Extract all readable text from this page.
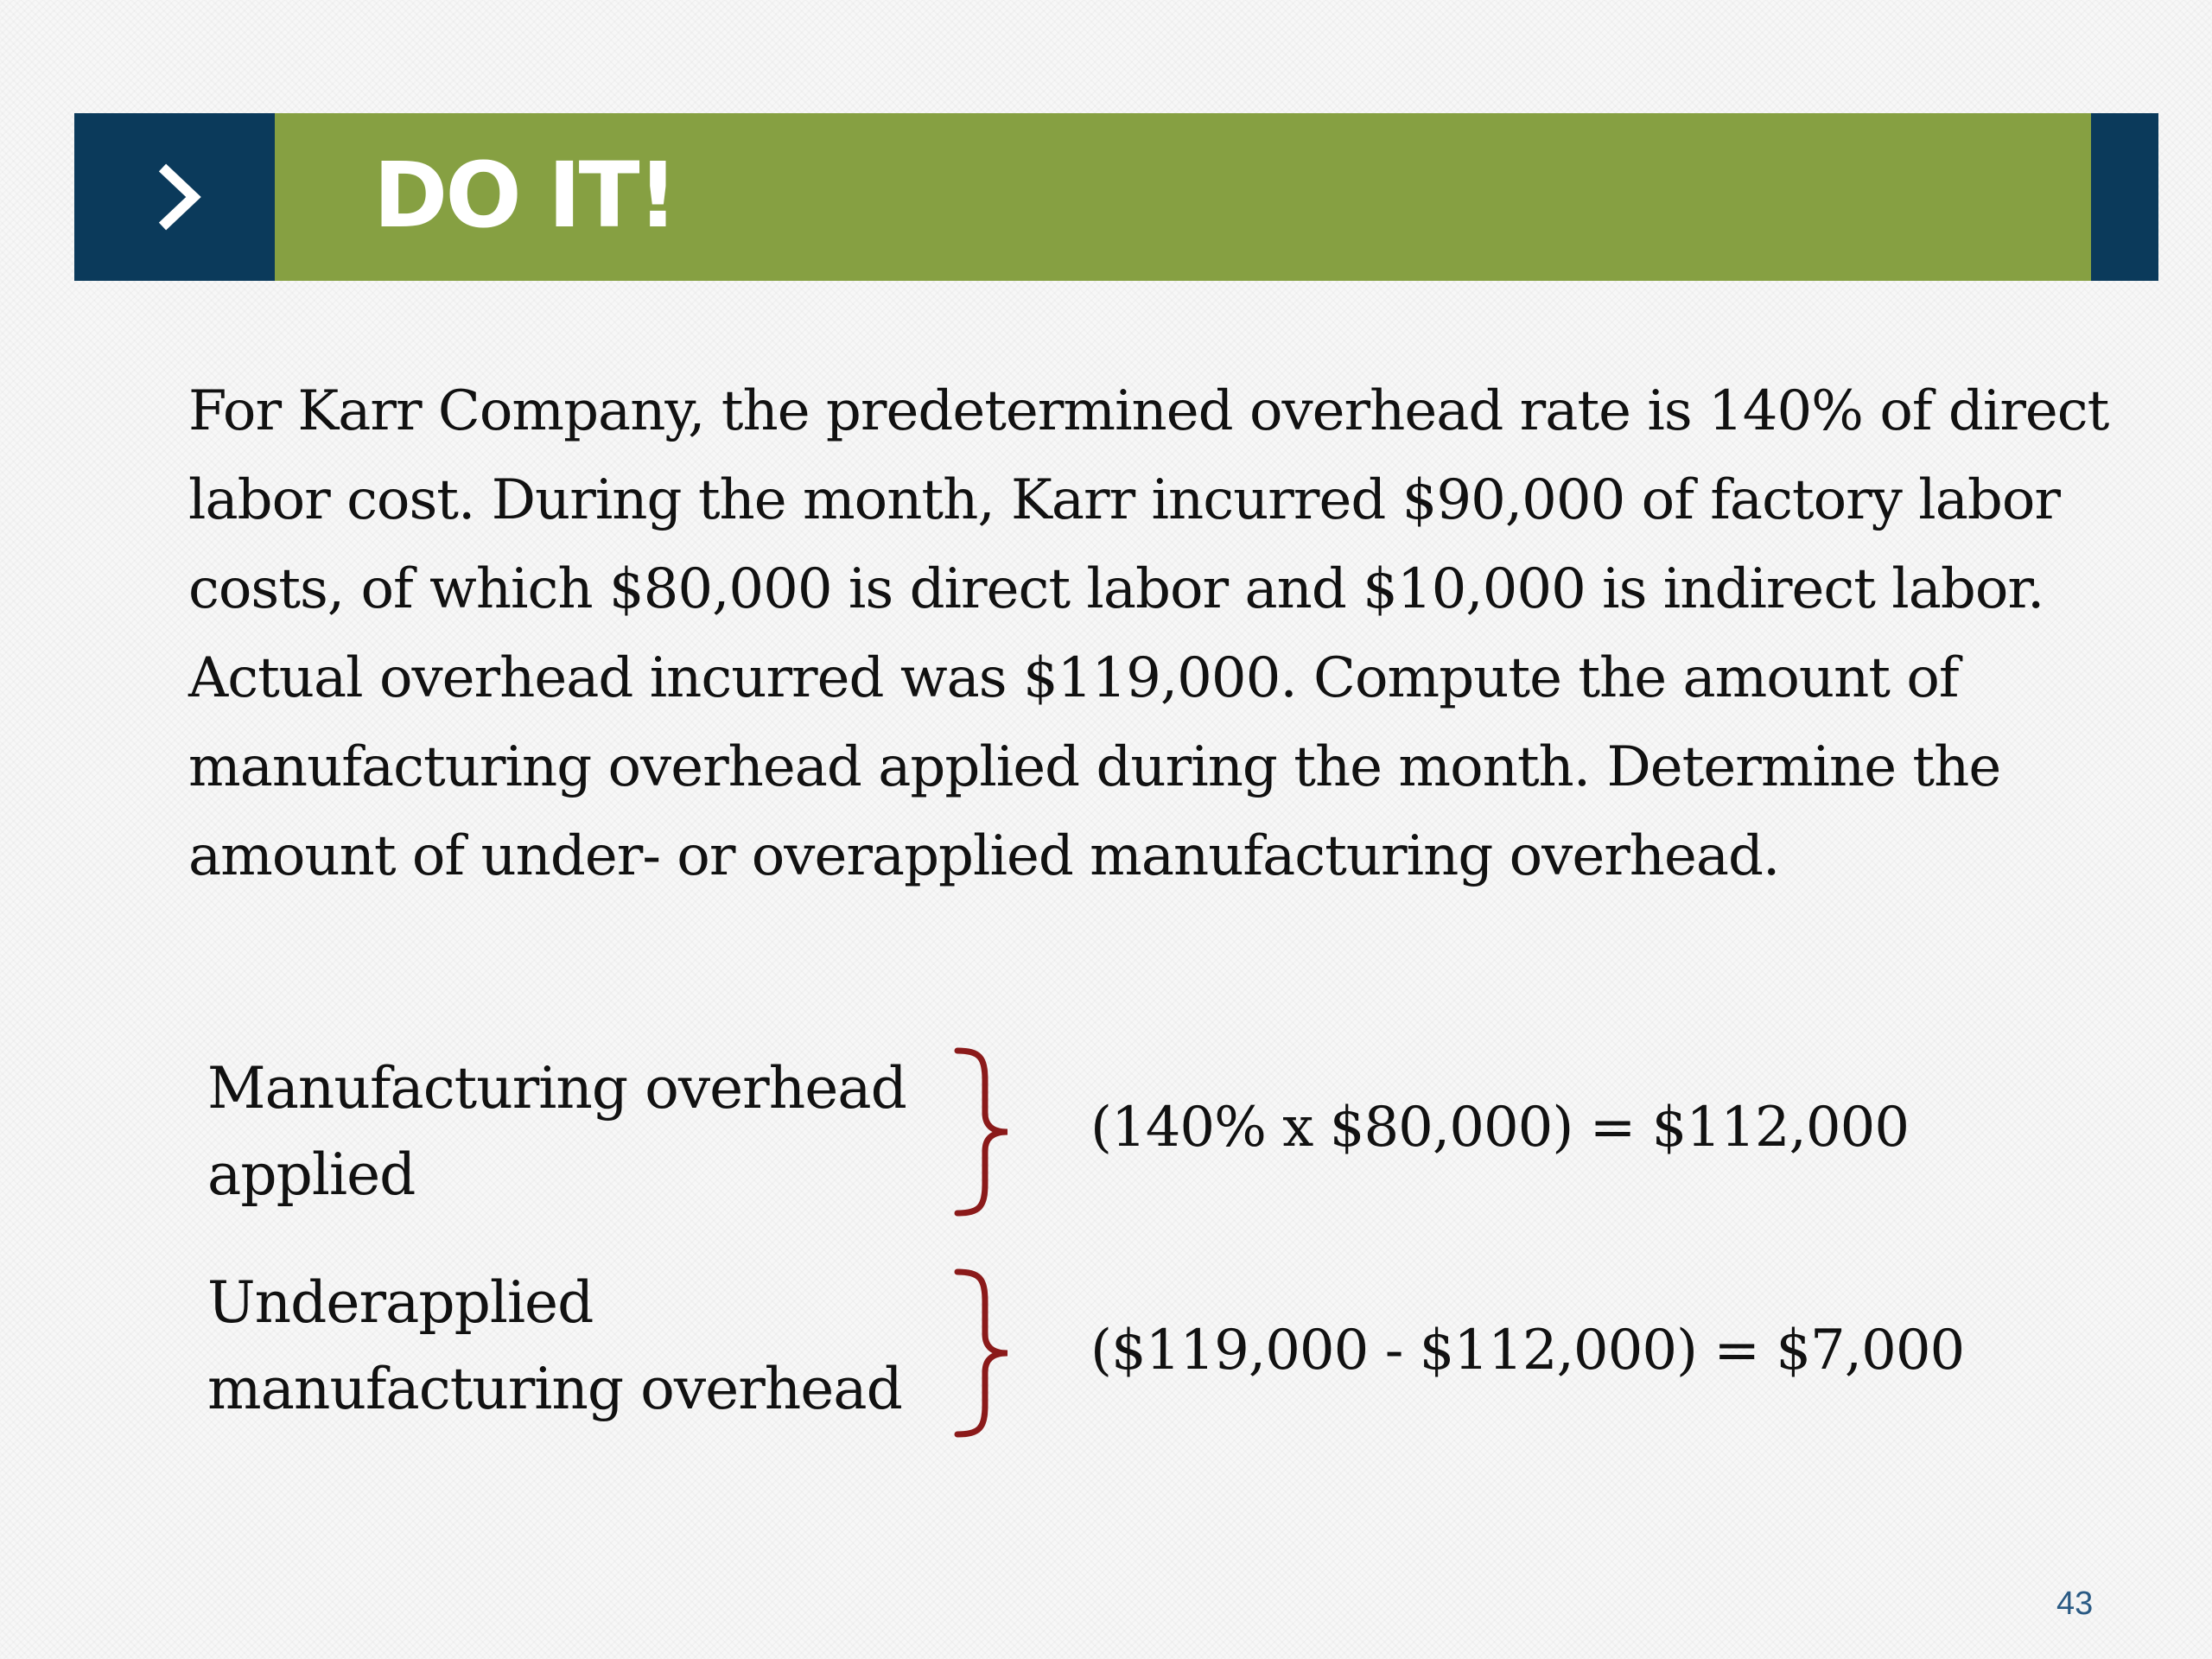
DO IT!

For Karr Company, the predetermined overhead rate is 140% of direct labor cost. During the month, Karr incurred $90,000 of factory labor costs, of which $80,000 is direct labor and $10,000 is indirect labor. Actual overhead incurred was $119,000. Compute the amount of manufacturing overhead applied during the month. Determine the amount of under- or overapplied manufacturing overhead.

Manufacturing overhead applied

(140% x $80,000) = $112,000

Underapplied manufacturing overhead

($119,000 - $112,000) = $7,000

43
